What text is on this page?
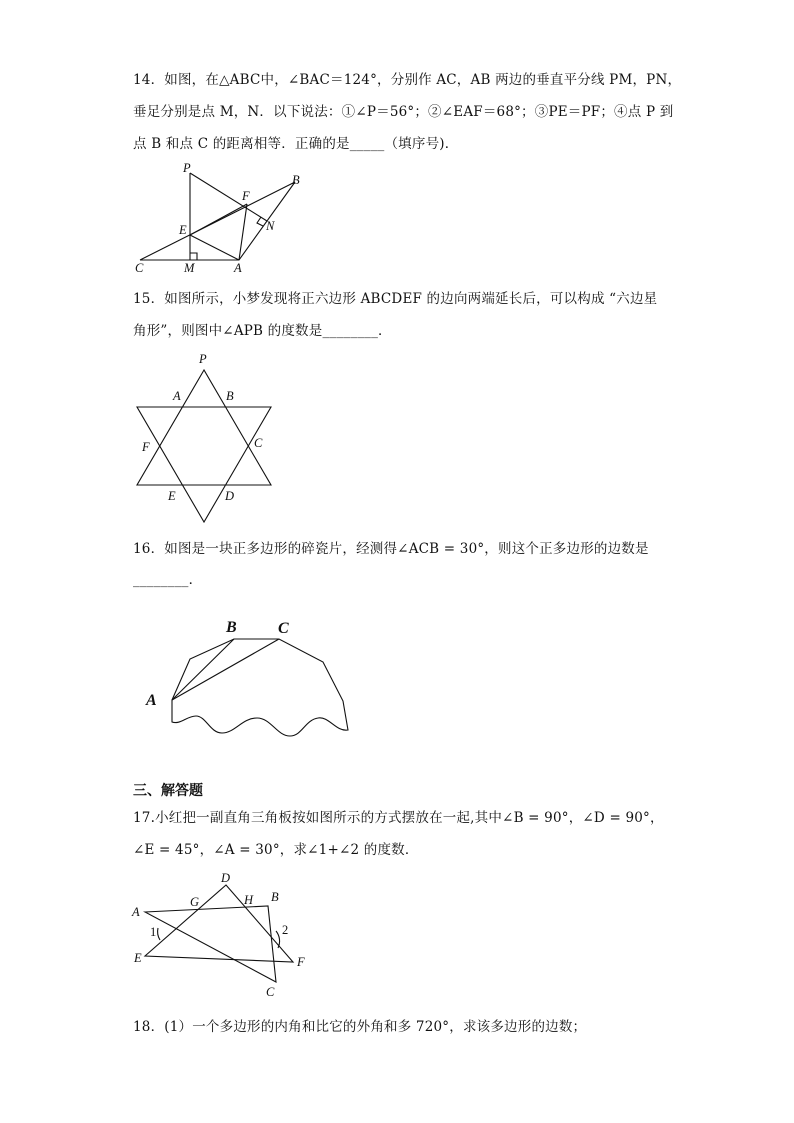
14．如图，在△ABC中，∠BAC＝124°，分别作 AC，AB 两边的垂直平分线 PM，PN，
垂足分别是点 M，N．以下说法：①∠P＝56°；②∠EAF＝68°；③PE＝PF；④点 P 到
点 B 和点 C 的距离相等．正确的是_____（填序号)．
P
B
F
N
E
C	M	A
15．如图所示，小梦发现将正六边形 ABCDEF 的边向两端延长后，可以构成 “六边星
角形”，则图中∠APB 的度数是________．
P
A	B
F	C
E	D
16．如图是一块正多边形的碎瓷片，经测得∠ACB = 30°，则这个正多边形的边数是
________．
A
B	C
三、解答题
17.小红把一副直角三角板按如图所示的方式摆放在一起,其中∠B = 90°，∠D = 90°，
∠E = 45°，∠A = 30°，求∠1+∠2 的度数．
D
G	H B
A
1	2
E	F
C
18．(1）一个多边形的内角和比它的外角和多 720°，求该多边形的边数；
